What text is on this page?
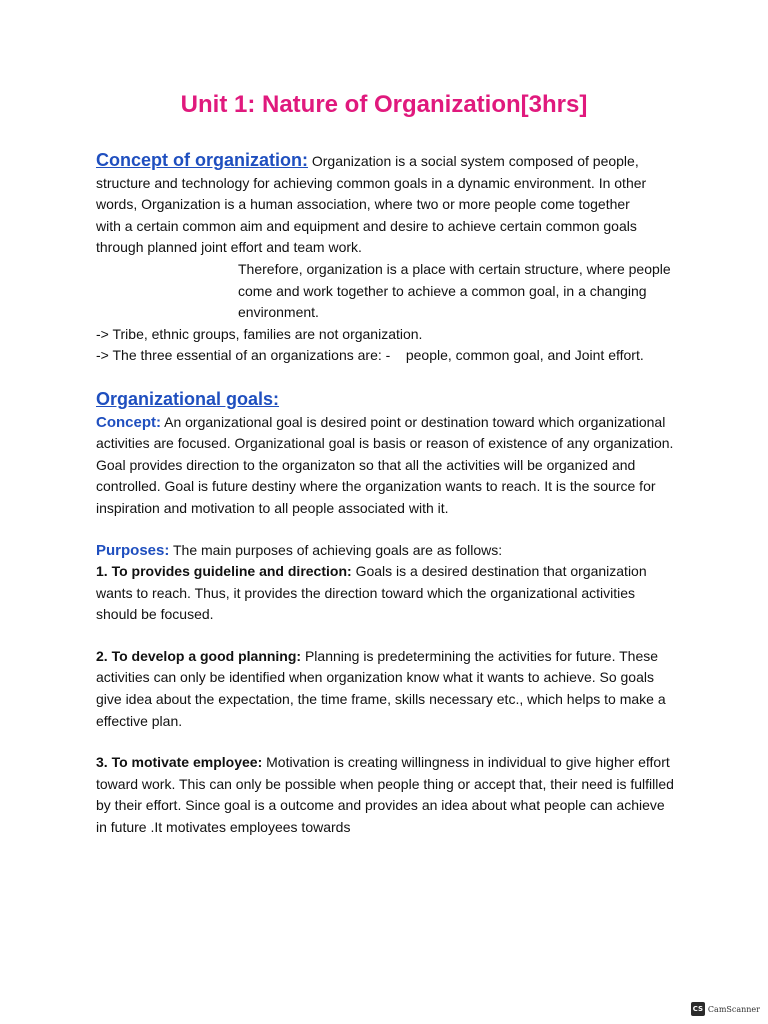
Unit 1: Nature of Organization[3hrs]

Concept of organization: Organization is a social system composed of people, structure and technology for achieving common goals in a dynamic environment. In other words, Organization is a human association, where two or more people come together

with a certain common aim and equipment and desire to achieve certain common goals through planned joint effort and team work.

Therefore, organization is a place with certain structure, where people come and work together to achieve a common goal, in a changing environment.

-> Tribe, ethnic groups, families are not organization.

-> The three essential of an organizations are: -    people, common goal, and Joint effort.

Organizational goals:

Concept: An organizational goal is desired point or destination toward which organizational activities are focused. Organizational goal is basis or reason of existence of any organization. Goal provides direction to the organizaton so that all the activities will be organized and controlled. Goal is future destiny where the organization wants to reach. It is the source for inspiration and motivation to all people associated with it.

Purposes: The main purposes of achieving goals are as follows:

1. To provides guideline and direction: Goals is a desired destination that organization wants to reach. Thus, it provides the direction toward which the organizational activities should be focused.

2. To develop a good planning: Planning is predetermining the activities for future. These activities can only be identified when organization know what it wants to achieve. So goals give idea about the expectation, the time frame, skills necessary etc., which helps to make a effective plan.

3. To motivate employee: Motivation is creating willingness in individual to give higher effort toward work. This can only be possible when people thing or accept that, their need is fulfilled by their effort. Since goal is a outcome and provides an idea about what people can achieve in future .It motivates employees towards

CS CamScanner
